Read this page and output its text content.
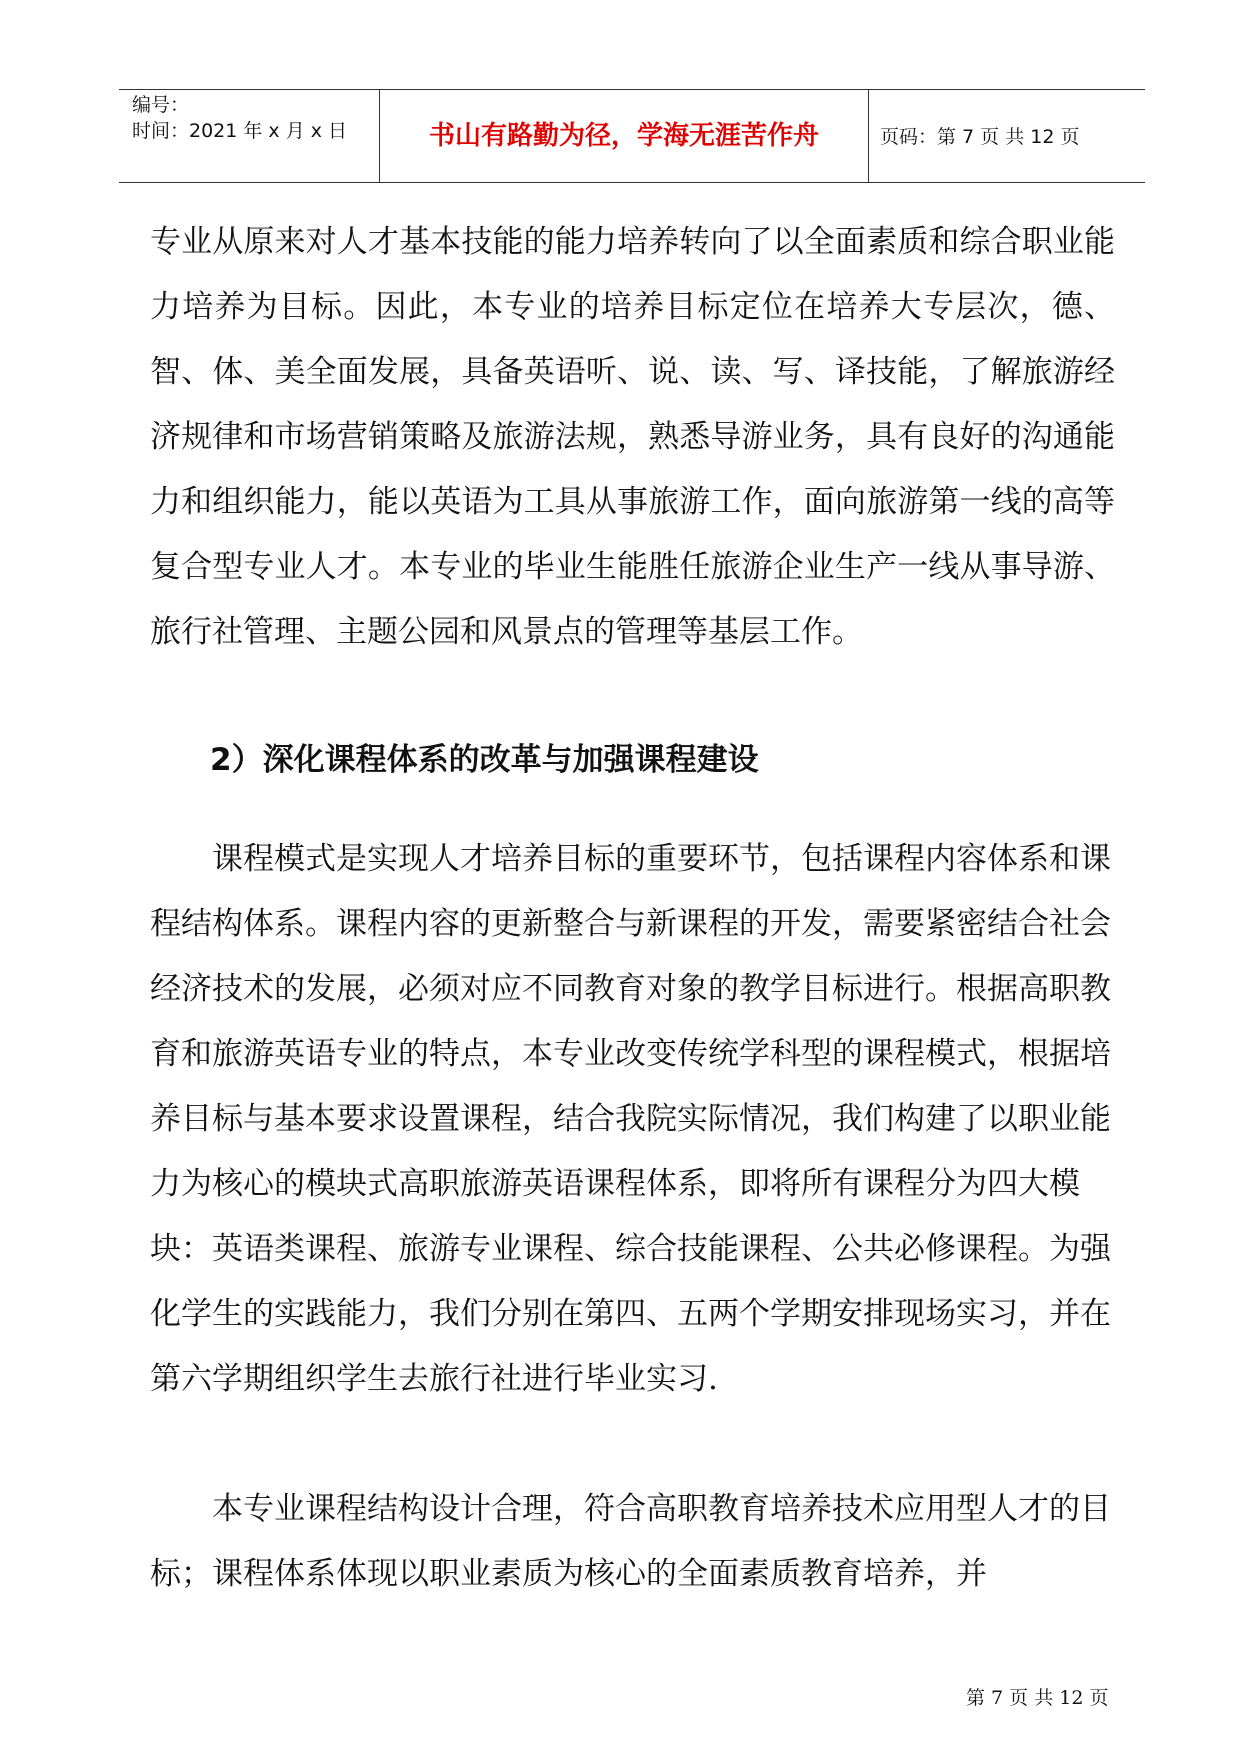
编号：
时间：2021 年 x 月 x 日	书山有路勤为径，学海无涯苦作舟	页码：第 7 页 共 12 页

专业从原来对人才基本技能的能力培养转向了以全面素质和综合职业能力培养为目标。因此，本专业的培养目标定位在培养大专层次，德、智、体、美全面发展，具备英语听、说、读、写、译技能，了解旅游经济规律和市场营销策略及旅游法规，熟悉导游业务，具有良好的沟通能力和组织能力，能以英语为工具从事旅游工作，面向旅游第一线的高等复合型专业人才。本专业的毕业生能胜任旅游企业生产一线从事导游、旅行社管理、主题公园和风景点的管理等基层工作。

2）深化课程体系的改革与加强课程建设

课程模式是实现人才培养目标的重要环节，包括课程内容体系和课程结构体系。课程内容的更新整合与新课程的开发，需要紧密结合社会经济技术的发展，必须对应不同教育对象的教学目标进行。根据高职教育和旅游英语专业的特点，本专业改变传统学科型的课程模式，根据培养目标与基本要求设置课程，结合我院实际情况，我们构建了以职业能力为核心的模块式高职旅游英语课程体系，即将所有课程分为四大模块：英语类课程、旅游专业课程、综合技能课程、公共必修课程。为强化学生的实践能力，我们分别在第四、五两个学期安排现场实习，并在第六学期组织学生去旅行社进行毕业实习.

本专业课程结构设计合理，符合高职教育培养技术应用型人才的目标；课程体系体现以职业素质为核心的全面素质教育培养，并

第 7 页 共 12 页
